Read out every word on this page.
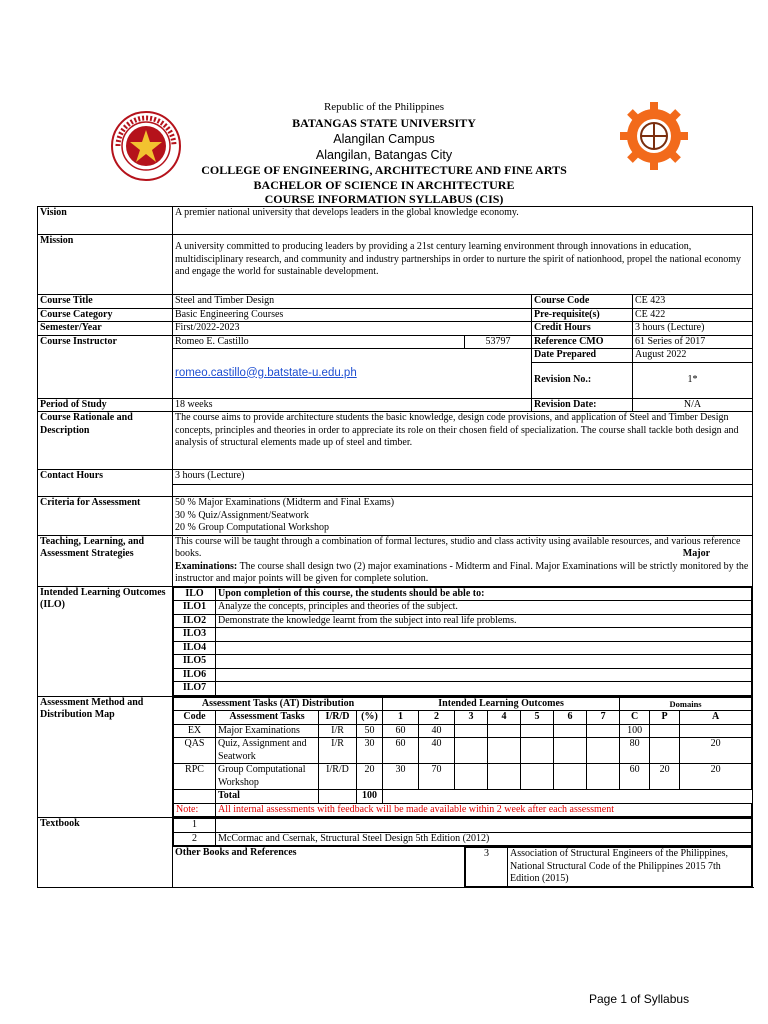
Republic of the Philippines
BATANGAS STATE UNIVERSITY
Alangilan Campus
Alangilan, Batangas City
COLLEGE OF ENGINEERING, ARCHITECTURE AND FINE ARTS
BACHELOR OF SCIENCE IN ARCHITECTURE
COURSE INFORMATION SYLLABUS (CIS)
Vision	A premier national university that develops leaders in the global knowledge economy.
Mission	A university committed to producing leaders by providing a 21st century learning environment through innovations in education, multidisciplinary research, and community and industry partnerships in order to nurture the spirit of nationhood, propel the national economy and engage the world for sustainable development.
Course Title	Steel and Timber Design	Course Code	CE 423
Course Category	Basic Engineering Courses	Pre-requisite(s)	CE 422
Semester/Year	First/2022-2023	Credit Hours	3 hours (Lecture)
Course Instructor	Romeo E. Castillo	53797	Reference CMO	61 Series of 2017
romeo.castillo@g.batstate-u.edu.ph	Date Prepared	August 2022
Revision No.:	1*
Period of Study	18 weeks	Revision Date:	N/A
Course Rationale and Description	The course aims to provide architecture students the basic knowledge, design code provisions, and application of Steel and Timber Design concepts, principles and theories in order to appreciate its role on their chosen field of specialization. The course shall tackle both design and analysis of structural elements made up of steel and timber.
Contact Hours	3 hours (Lecture)

Criteria for Assessment	50 % Major Examinations (Midterm and Final Exams)
30 % Quiz/Assignment/Seatwork
20 % Group Computational Workshop

Teaching, Learning, and Assessment Strategies	
This course will be taught through a combination of formal lectures, studio and class activity using available resources, and various reference books.	Major

Examinations: The course shall design two (2) major examinations - Midterm and Final. Major Examinations will be strictly monitored by the instructor and major points will be given for complete solution.

Intended Learning Outcomes (ILO)	
ILO	Upon completion of this course, the students should be able to:
ILO1	Analyze the concepts, principles and theories of the subject.
ILO2	Demonstrate the knowledge learnt from the subject into real life problems.
ILO3	
ILO4	
ILO5	
ILO6	
ILO7	

Assessment Method and Distribution Map	
Assessment Tasks (AT) Distribution	Intended Learning Outcomes	Domains
Code	Assessment Tasks	I/R/D	(%)	1	2	3	4	5	6	7	C	P	A
EX	Major Examinations	I/R	50	60	40						100		
QAS	Quiz, Assignment and Seatwork	I/R	30	60	40						80		20
RPC	Group Computational Workshop	I/R/D	20	30	70						60	20	20
	Total		100	
Note:	All internal assessments with feedback will be made available within 2 week after each assessment

Textbook		1	
2	McCormac and Csernak, Structural Steel Design 5th Edition (2012)

Other Books and References		3	Association of Structural Engineers of the Philippines, National Structural Code of the Philippines 2015 7th Edition (2015)
Page 1 of Syllabus
